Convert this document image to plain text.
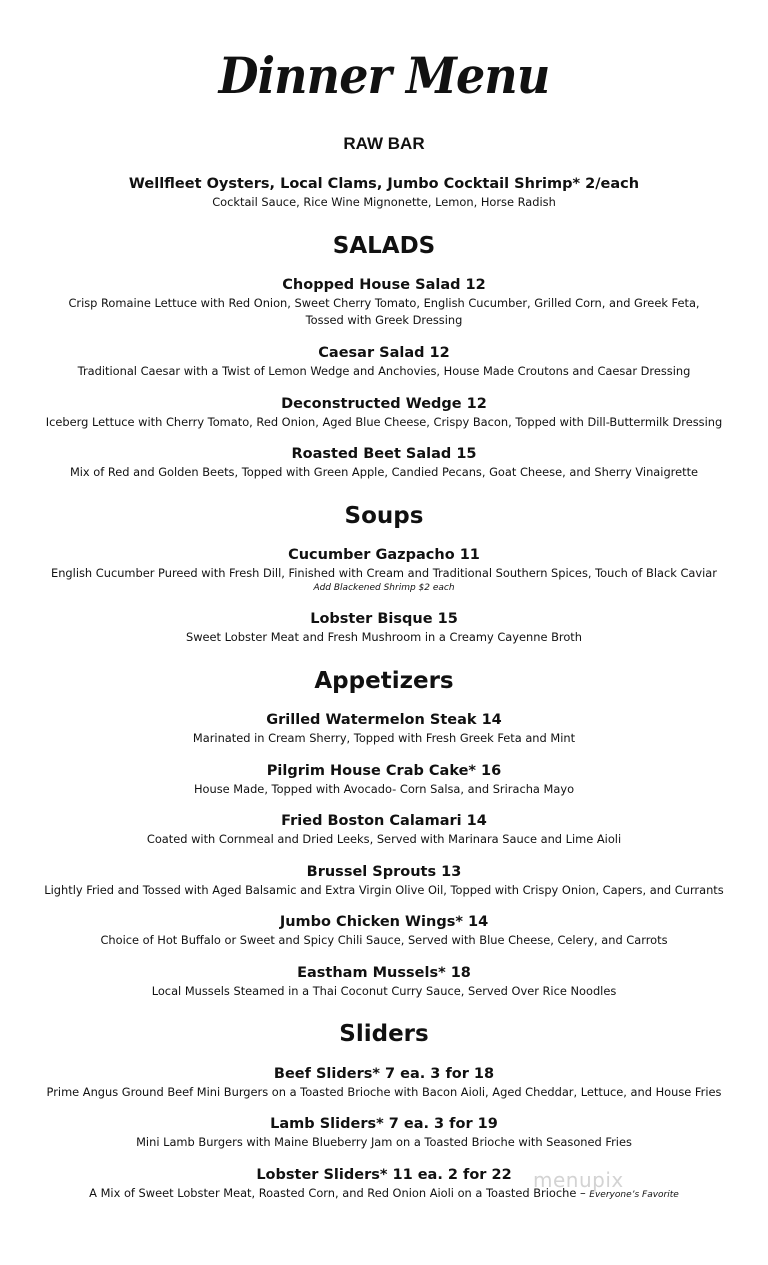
Dinner Menu
RAW BAR
Wellfleet Oysters, Local Clams, Jumbo Cocktail Shrimp* 2/each
Cocktail Sauce, Rice Wine Mignonette, Lemon, Horse Radish
SALADS
Chopped House Salad 12
Crisp Romaine Lettuce with Red Onion, Sweet Cherry Tomato, English Cucumber, Grilled Corn, and Greek Feta,
Tossed with Greek Dressing
Caesar Salad 12
Traditional Caesar with a Twist of Lemon Wedge and Anchovies, House Made Croutons and Caesar Dressing
Deconstructed Wedge 12
Iceberg Lettuce with Cherry Tomato, Red Onion, Aged Blue Cheese, Crispy Bacon, Topped with Dill-Buttermilk Dressing
Roasted Beet Salad 15
Mix of Red and Golden Beets, Topped with Green Apple, Candied Pecans, Goat Cheese, and Sherry Vinaigrette
Soups
Cucumber Gazpacho 11
English Cucumber Pureed with Fresh Dill, Finished with Cream and Traditional Southern Spices, Touch of Black Caviar
Add Blackened Shrimp $2 each
Lobster Bisque 15
Sweet Lobster Meat and Fresh Mushroom in a Creamy Cayenne Broth
Appetizers
Grilled Watermelon Steak 14
Marinated in Cream Sherry, Topped with Fresh Greek Feta and Mint
Pilgrim House Crab Cake* 16
House Made, Topped with Avocado- Corn Salsa, and Sriracha Mayo
Fried Boston Calamari 14
Coated with Cornmeal and Dried Leeks, Served with Marinara Sauce and Lime Aioli
Brussel Sprouts 13
Lightly Fried and Tossed with Aged Balsamic and Extra Virgin Olive Oil, Topped with Crispy Onion, Capers, and Currants
Jumbo Chicken Wings* 14
Choice of Hot Buffalo or Sweet and Spicy Chili Sauce, Served with Blue Cheese, Celery, and Carrots
Eastham Mussels* 18
Local Mussels Steamed in a Thai Coconut Curry Sauce, Served Over Rice Noodles
Sliders
Beef Sliders* 7 ea. 3 for 18
Prime Angus Ground Beef Mini Burgers on a Toasted Brioche with Bacon Aioli, Aged Cheddar, Lettuce, and House Fries
Lamb Sliders* 7 ea. 3 for 19
Mini Lamb Burgers with Maine Blueberry Jam on a Toasted Brioche with Seasoned Fries
Lobster Sliders* 11 ea. 2 for 22
A Mix of Sweet Lobster Meat, Roasted Corn, and Red Onion Aioli on a Toasted Brioche – Everyone’s Favorite
menupix
